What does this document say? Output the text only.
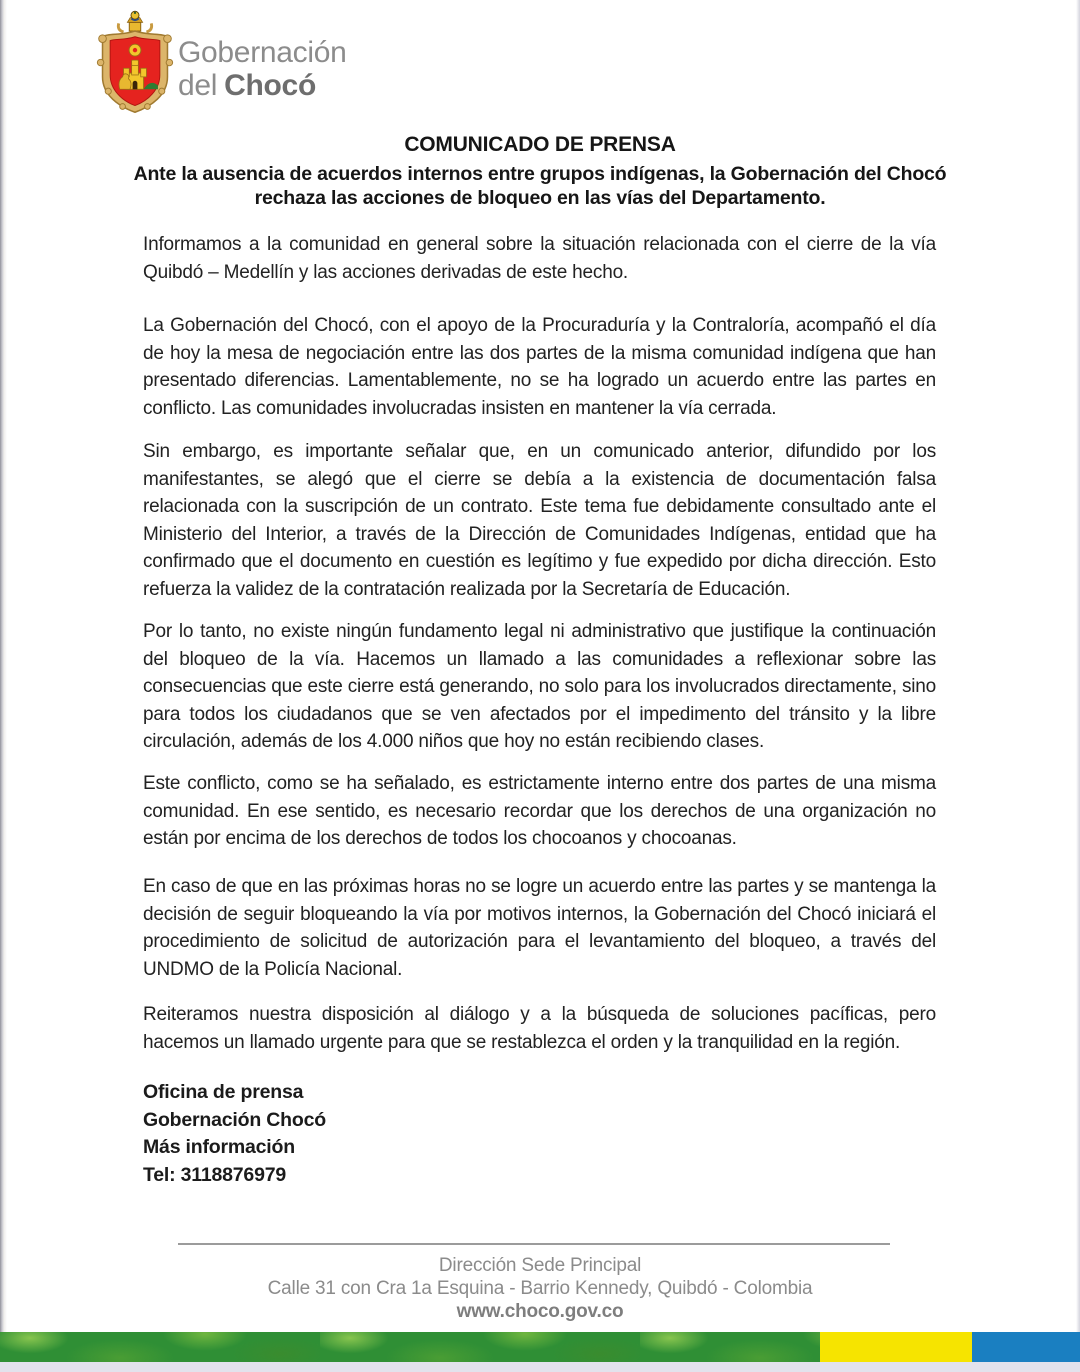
Gobernación
del Chocó
COMUNICADO DE PRENSA
Ante la ausencia de acuerdos internos entre grupos indígenas, la Gobernación del Chocó rechaza las acciones de bloqueo en las vías del Departamento.

Informamos a la comunidad en general sobre la situación relacionada con el cierre de la vía Quibdó – Medellín y las acciones derivadas de este hecho.

La Gobernación del Chocó, con el apoyo de la Procuraduría y la Contraloría, acompañó el día de hoy la mesa de negociación entre las dos partes de la misma comunidad indígena que han presentado diferencias. Lamentablemente, no se ha logrado un acuerdo entre las partes en conflicto. Las comunidades involucradas insisten en mantener la vía cerrada.

Sin embargo, es importante señalar que, en un comunicado anterior, difundido por los manifestantes, se alegó que el cierre se debía a la existencia de documentación falsa relacionada con la suscripción de un contrato. Este tema fue debidamente consultado ante el Ministerio del Interior, a través de la Dirección de Comunidades Indígenas, entidad que ha confirmado que el documento en cuestión es legítimo y fue expedido por dicha dirección. Esto refuerza la validez de la contratación realizada por la Secretaría de Educación.

Por lo tanto, no existe ningún fundamento legal ni administrativo que justifique la continuación del bloqueo de la vía. Hacemos un llamado a las comunidades a reflexionar sobre las consecuencias que este cierre está generando, no solo para los involucrados directamente, sino para todos los ciudadanos que se ven afectados por el impedimento del tránsito y la libre circulación, además de los 4.000 niños que hoy no están recibiendo clases.

Este conflicto, como se ha señalado, es estrictamente interno entre dos partes de una misma comunidad. En ese sentido, es necesario recordar que los derechos de una organización no están por encima de los derechos de todos los chocoanos y chocoanas.

En caso de que en las próximas horas no se logre un acuerdo entre las partes y se mantenga la decisión de seguir bloqueando la vía por motivos internos, la Gobernación del Chocó iniciará el procedimiento de solicitud de autorización para el levantamiento del bloqueo, a través del UNDMO de la Policía Nacional.

Reiteramos nuestra disposición al diálogo y a la búsqueda de soluciones pacíficas, pero hacemos un llamado urgente para que se restablezca el orden y la tranquilidad en la región.

Oficina de prensa
Gobernación Chocó
Más información
Tel: 3118876979
Dirección Sede Principal
Calle 31 con Cra 1a Esquina - Barrio Kennedy, Quibdó - Colombia
www.choco.gov.co
